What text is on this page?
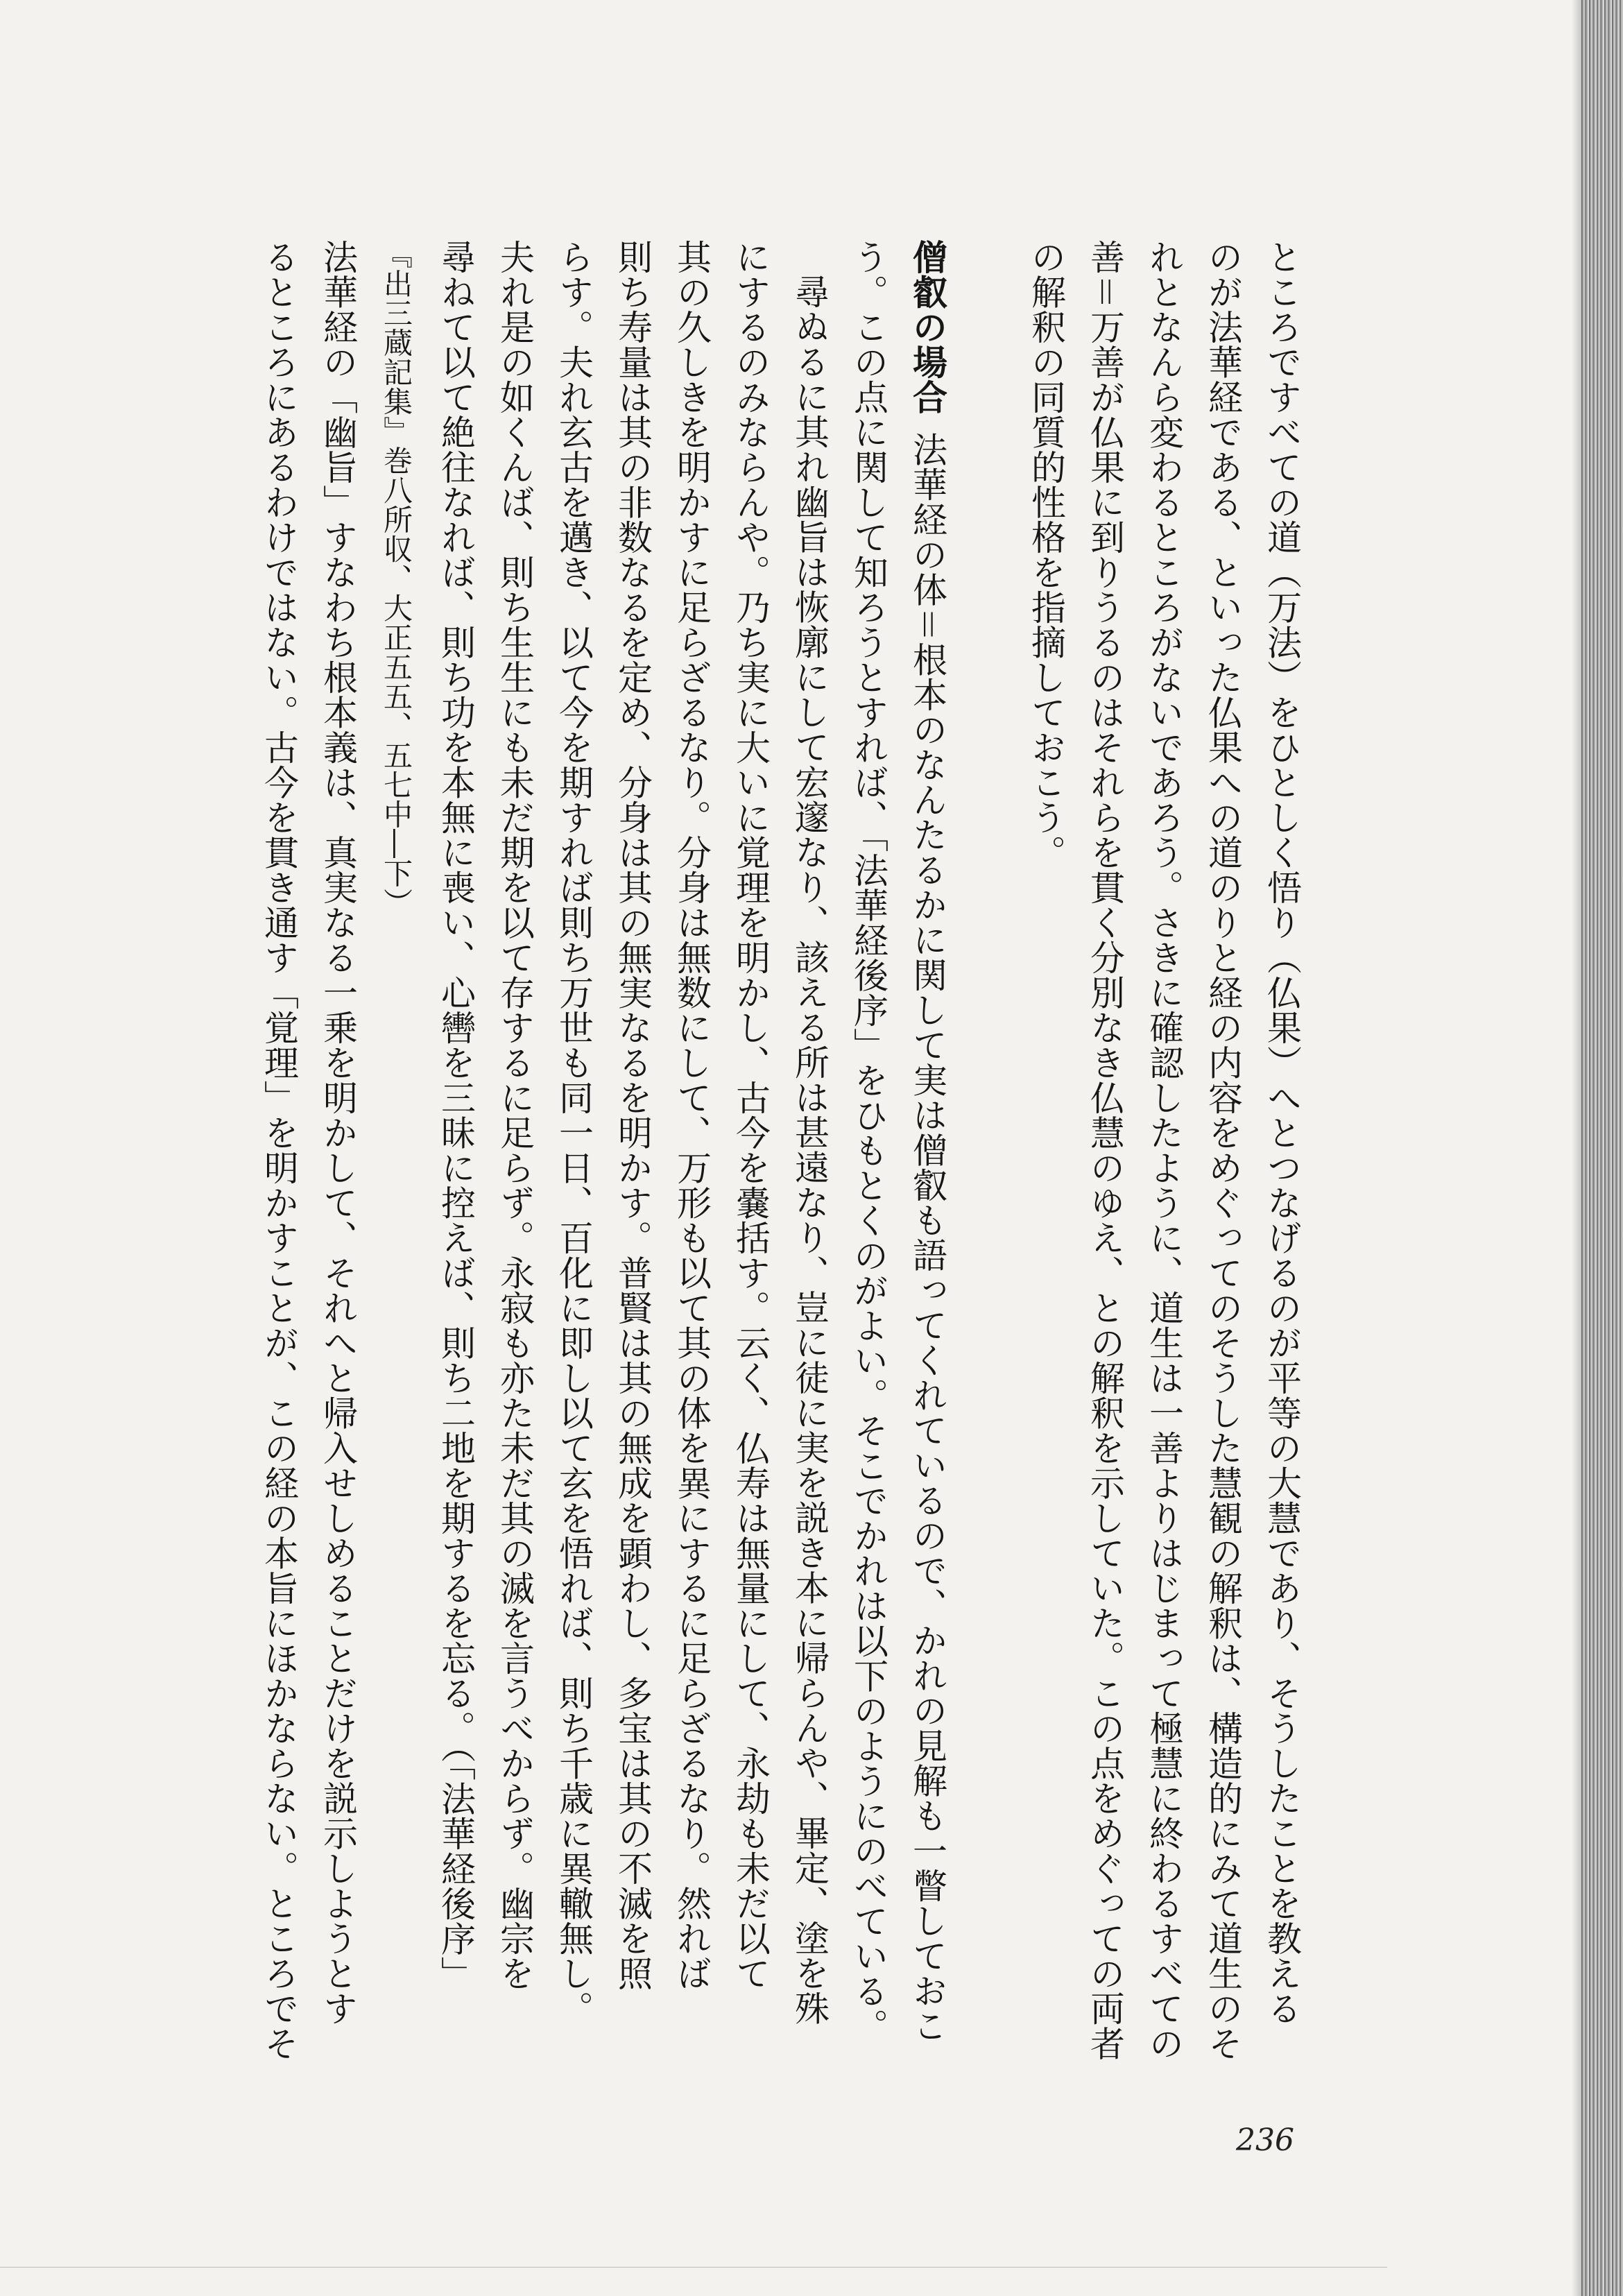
ところですべての道（万法）をひとしく悟り（仏果）へとつなげるのが平等の大慧であり、そうしたことを教える
のが法華経である、といった仏果への道のりと経の内容をめぐってのそうした慧観の解釈は、構造的にみて道生のそ
れとなんら変わるところがないであろう。さきに確認したように、道生は一善よりはじまって極慧に終わるすべての
善＝万善が仏果に到りうるのはそれらを貫く分別なき仏慧のゆえ、との解釈を示していた。この点をめぐっての両者
の解釈の同質的性格を指摘しておこう。

僧叡の場合法華経の体＝根本のなんたるかに関して実は僧叡も語ってくれているので、かれの見解も一瞥しておこう。この点に関して知ろうとすれば、「法華経後序」をひもとくのがよい。そこでかれは以下のようにのべている。

尋ぬるに其れ幽旨は恢廓にして宏邃なり、該える所は甚遠なり、豈に徒に実を説き本に帰らんや、畢定、塗を殊
にするのみならんや。乃ち実に大いに覚理を明かし、古今を嚢括す。云く、仏寿は無量にして、永劫も未だ以て
其の久しきを明かすに足らざるなり。分身は無数にして、万形も以て其の体を異にするに足らざるなり。然れば
則ち寿量は其の非数なるを定め、分身は其の無実なるを明かす。普賢は其の無成を顕わし、多宝は其の不滅を照
らす。夫れ玄古を邁き、以て今を期すれば則ち万世も同一日、百化に即し以て玄を悟れば、則ち千歳に異轍無し。
夫れ是の如くんば、則ち生生にも未だ期を以て存するに足らず。永寂も亦た未だ其の滅を言うべからず。幽宗を
尋ねて以て絶往なれば、則ち功を本無に喪い、心轡を三昧に控えば、則ち二地を期するを忘る。（「法華経後序」
『出三蔵記集』巻八所収、大正五五、五七中―下）
法華経の「幽旨」すなわち根本義は、真実なる一乗を明かして、それへと帰入せしめることだけを説示しようとす
るところにあるわけではない。古今を貫き通す「覚理」を明かすことが、この経の本旨にほかならない。ところでそ
236
